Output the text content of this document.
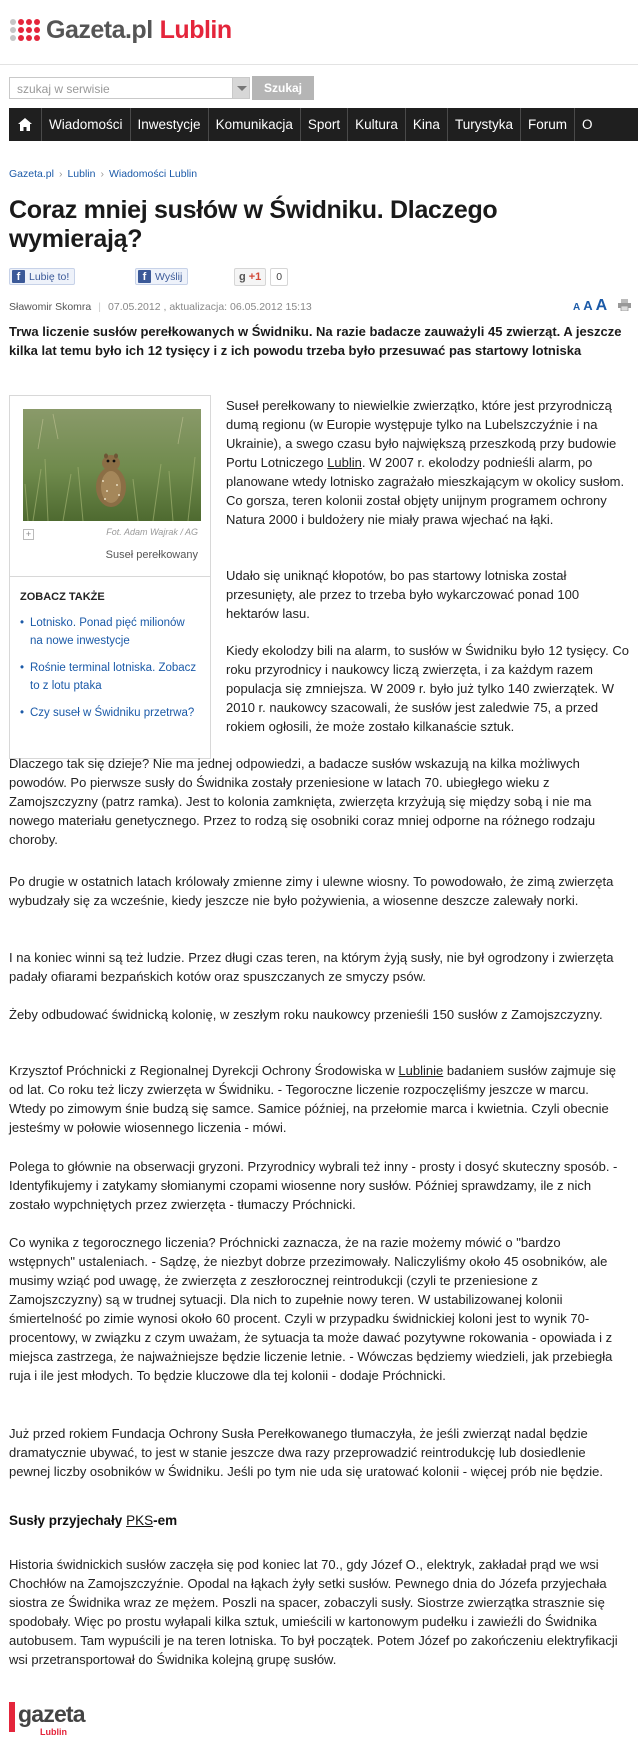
Gazeta.pl Lublin
szukaj w serwisie	Szukaj
Wiadomości	Inwestycje	Komunikacja	Sport	Kultura	Kina	Turystyka	Forum	O
Gazeta.pl › Lublin › Wiadomości Lublin
Coraz mniej susłów w Świdniku. Dlaczego
wymierają?
f Lubię to!	f Wyślij	g +1	0
Sławomir Skomra | 07.05.2012 , aktualizacja: 06.05.2012 15:13	A A A
Trwa liczenie susłów perełkowanych w Świdniku. Na razie badacze zauważyli 45 zwierząt. A jeszcze kilka lat temu było ich 12 tysięcy i z ich powodu trzeba było przesuwać pas startowy lotniska
+	Fot. Adam Wajrak / AG
Suseł perełkowany
ZOBACZ TAKŻE
• Lotnisko. Ponad pięć milionów na nowe inwestycje
• Rośnie terminal lotniska. Zobacz to z lotu ptaka
• Czy suseł w Świdniku przetrwa?

Suseł perełkowany to niewielkie zwierzątko, które jest przyrodniczą dumą regionu (w Europie występuje tylko na Lubelszczyźnie i na Ukrainie), a swego czasu było największą przeszkodą przy budowie Portu Lotniczego Lublin. W 2007 r. ekolodzy podnieśli alarm, po planowane wtedy lotnisko zagrażało mieszkającym w okolicy susłom. Co gorsza, teren kolonii został objęty unijnym programem ochrony Natura 2000 i buldożery nie miały prawa wjechać na łąki.

Udało się uniknąć kłopotów, bo pas startowy lotniska został przesunięty, ale przez to trzeba było wykarczować ponad 100 hektarów lasu.

Kiedy ekolodzy bili na alarm, to susłów w Świdniku było 12 tysięcy. Co roku przyrodnicy i naukowcy liczą zwierzęta, i za każdym razem populacja się zmniejsza. W 2009 r. było już tylko 140 zwierzątek. W 2010 r. naukowcy szacowali, że susłów jest zaledwie 75, a przed rokiem ogłosili, że może zostało kilkanaście sztuk.

Dlaczego tak się dzieje? Nie ma jednej odpowiedzi, a badacze susłów wskazują na kilka możliwych powodów. Po pierwsze susły do Świdnika zostały przeniesione w latach 70. ubiegłego wieku z Zamojszczyzny (patrz ramka). Jest to kolonia zamknięta, zwierzęta krzyżują się między sobą i nie ma nowego materiału genetycznego. Przez to rodzą się osobniki coraz mniej odporne na różnego rodzaju choroby.

Po drugie w ostatnich latach królowały zmienne zimy i ulewne wiosny. To powodowało, że zimą zwierzęta wybudzały się za wcześnie, kiedy jeszcze nie było pożywienia, a wiosenne deszcze zalewały norki.

I na koniec winni są też ludzie. Przez długi czas teren, na którym żyją susły, nie był ogrodzony i zwierzęta padały ofiarami bezpańskich kotów oraz spuszczanych ze smyczy psów.

Żeby odbudować świdnicką kolonię, w zeszłym roku naukowcy przenieśli 150 susłów z Zamojszczyzny.

Krzysztof Próchnicki z Regionalnej Dyrekcji Ochrony Środowiska w Lublinie badaniem susłów zajmuje się od lat. Co roku też liczy zwierzęta w Świdniku. - Tegoroczne liczenie rozpoczęliśmy jeszcze w marcu. Wtedy po zimowym śnie budzą się samce. Samice później, na przełomie marca i kwietnia. Czyli obecnie jesteśmy w połowie wiosennego liczenia - mówi.

Polega to głównie na obserwacji gryzoni. Przyrodnicy wybrali też inny - prosty i dosyć skuteczny sposób. - Identyfikujemy i zatykamy słomianymi czopami wiosenne nory susłów. Później sprawdzamy, ile z nich zostało wypchniętych przez zwierzęta - tłumaczy Próchnicki.

Co wynika z tegorocznego liczenia? Próchnicki zaznacza, że na razie możemy mówić o "bardzo wstępnych" ustaleniach. - Sądzę, że niezbyt dobrze przezimowały. Naliczyliśmy około 45 osobników, ale musimy wziąć pod uwagę, że zwierzęta z zeszłorocznej reintrodukcji (czyli te przeniesione z Zamojszczyzny) są w trudnej sytuacji. Dla nich to zupełnie nowy teren. W ustabilizowanej kolonii śmiertelność po zimie wynosi około 60 procent. Czyli w przypadku świdnickiej koloni jest to wynik 70-procentowy, w związku z czym uważam, że sytuacja ta może dawać pozytywne rokowania - opowiada i z miejsca zastrzega, że najważniejsze będzie liczenie letnie. - Wówczas będziemy wiedzieli, jak przebiegła ruja i ile jest młodych. To będzie kluczowe dla tej kolonii - dodaje Próchnicki.

Już przed rokiem Fundacja Ochrony Susła Perełkowanego tłumaczyła, że jeśli zwierząt nadal będzie dramatycznie ubywać, to jest w stanie jeszcze dwa razy przeprowadzić reintrodukcję lub dosiedlenie pewnej liczby osobników w Świdniku. Jeśli po tym nie uda się uratować kolonii - więcej prób nie będzie.

Susły przyjechały PKS-em

Historia świdnickich susłów zaczęła się pod koniec lat 70., gdy Józef O., elektryk, zakładał prąd we wsi Chochłów na Zamojszczyźnie. Opodal na łąkach żyły setki susłów. Pewnego dnia do Józefa przyjechała siostra ze Świdnika wraz ze mężem. Poszli na spacer, zobaczyli susły. Siostrze zwierzątka strasznie się spodobały. Więc po prostu wyłapali kilka sztuk, umieścili w kartonowym pudełku i zawieźli do Świdnika autobusem. Tam wypuścili je na teren lotniska. To był początek. Potem Józef po zakończeniu elektryfikacji wsi przetransportował do Świdnika kolejną grupę susłów.

gazeta
Lublin
